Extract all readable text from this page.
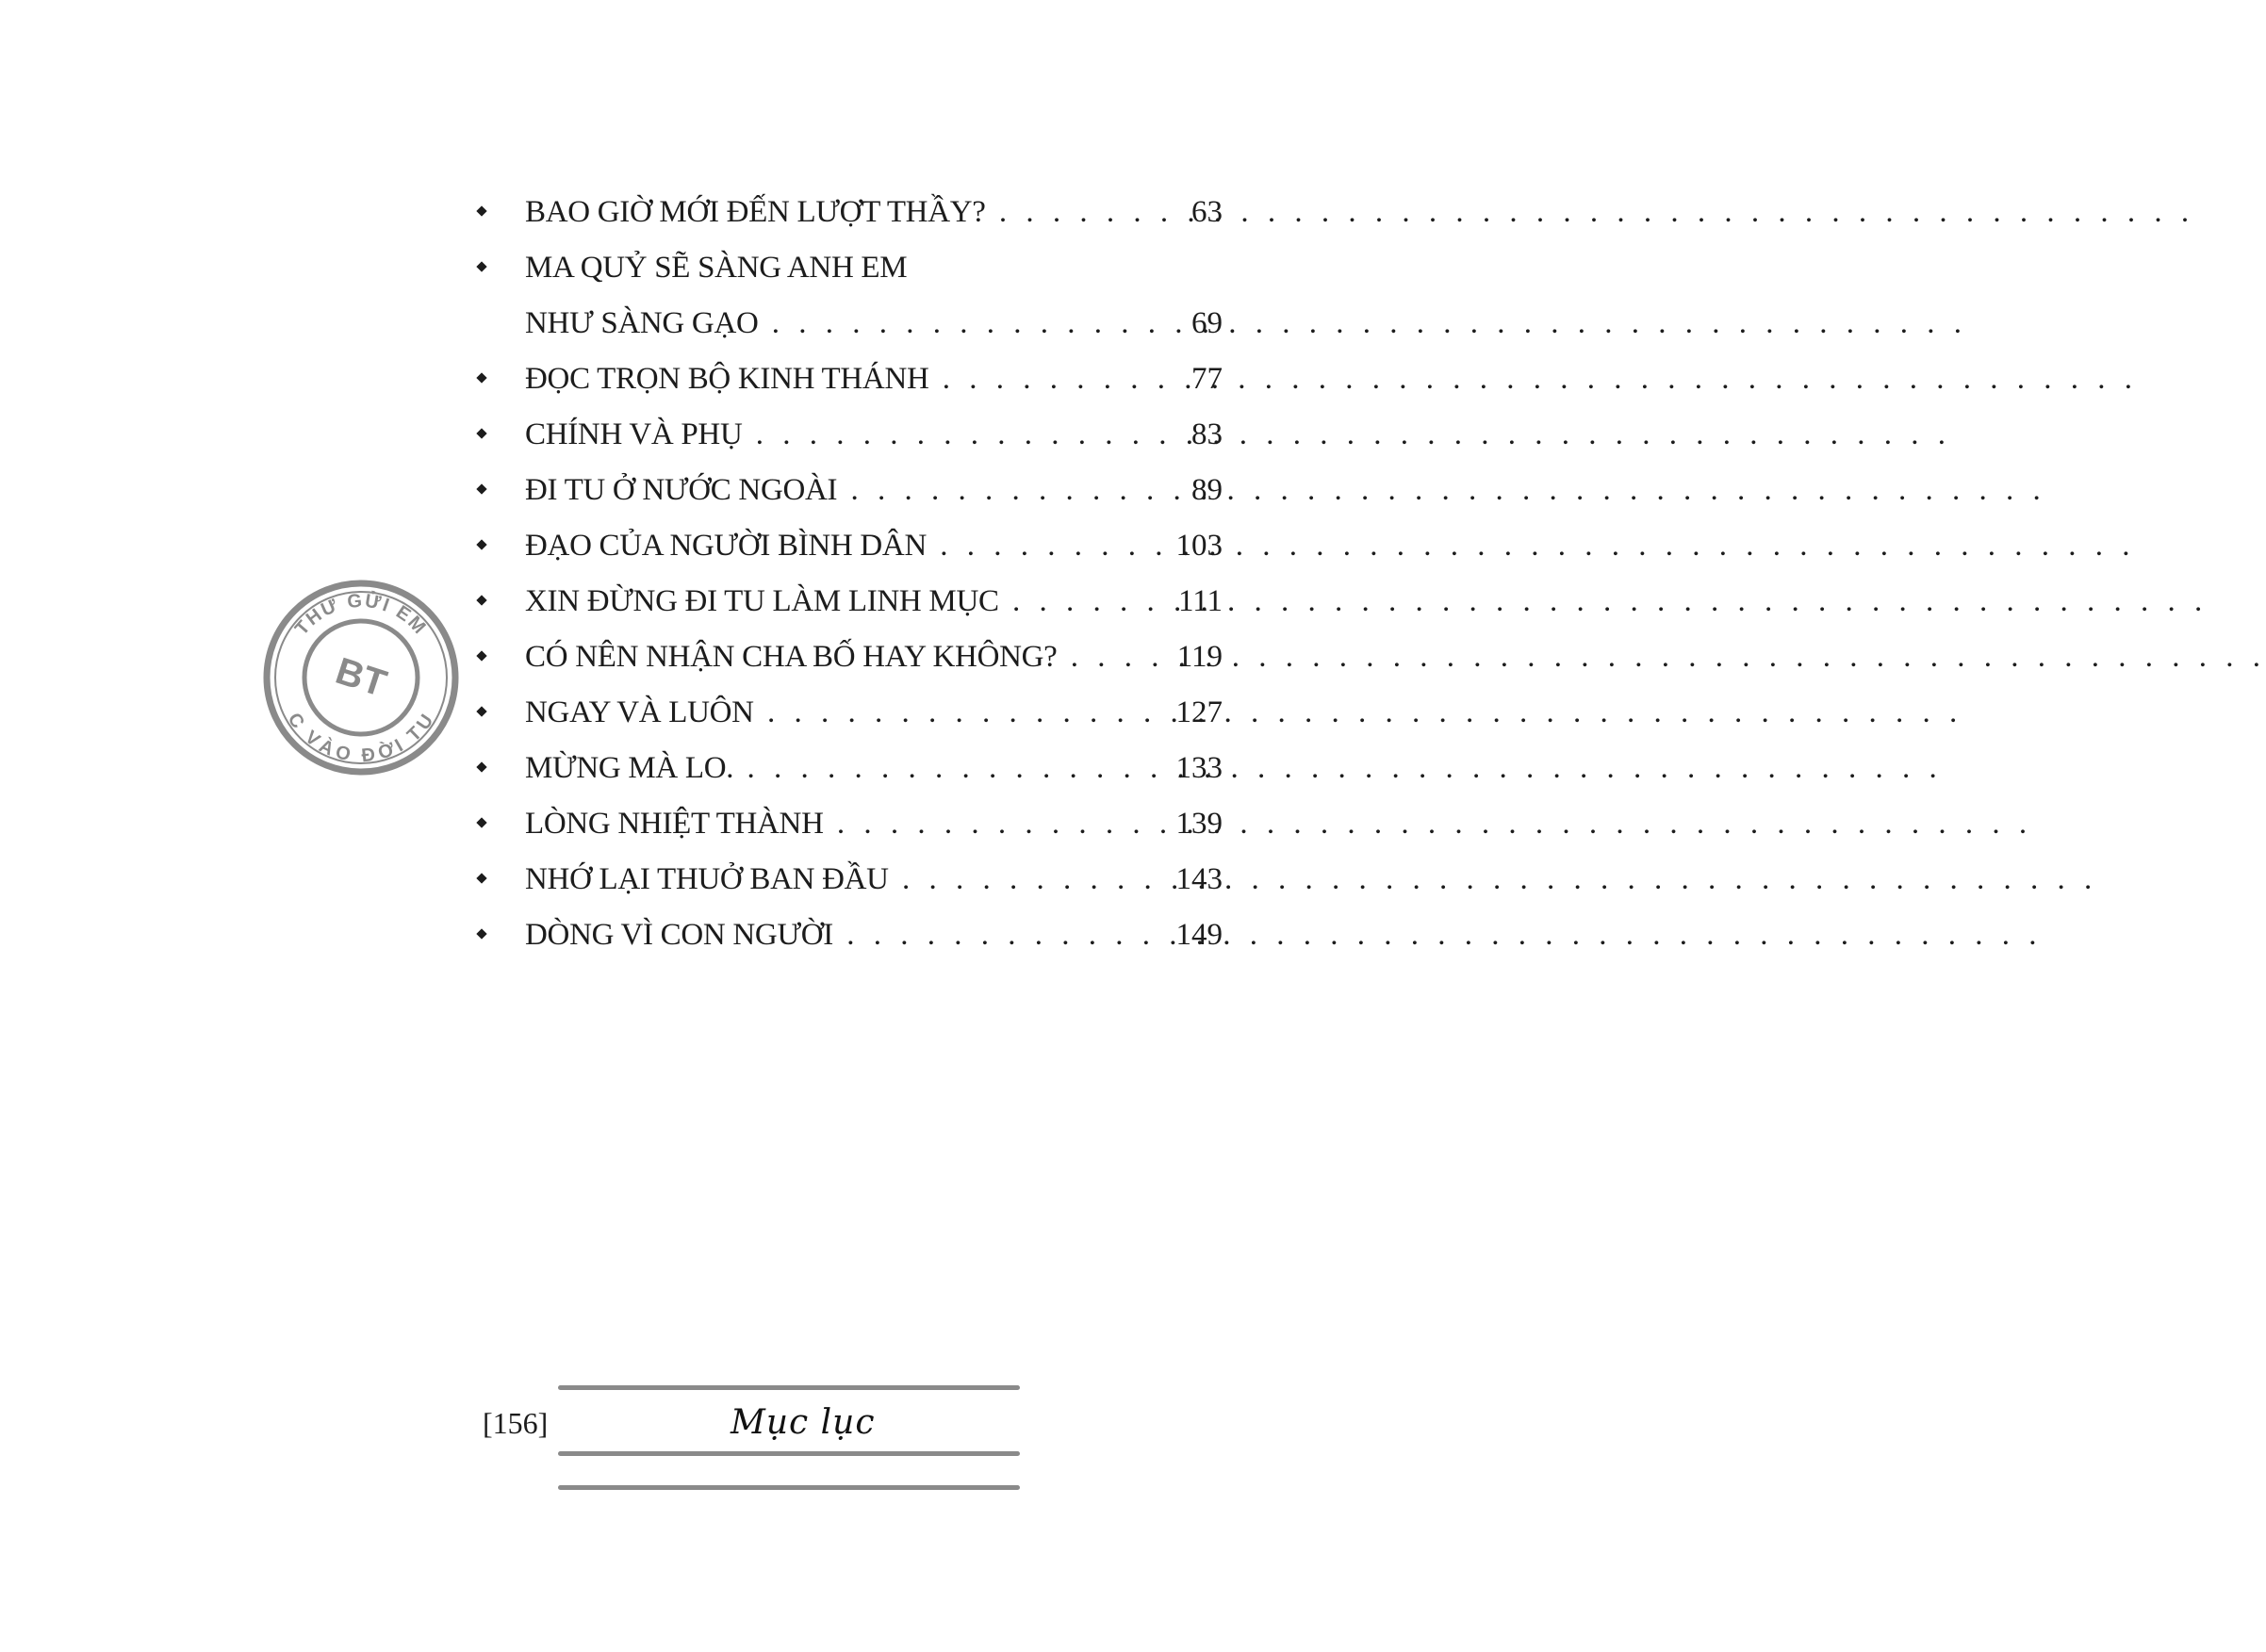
BAO GIỜ MỚI ĐẾN LƯỢT THẦY? . . .	63
MA QUỶ SẼ SÀNG ANH EM
NHƯ SÀNG GẠO . . .	69
ĐỌC TRỌN BỘ KINH THÁNH . . .	77
CHÍNH VÀ PHỤ . . .	83
ĐI TU Ở NƯỚC NGOÀI . . .	89
ĐẠO CỦA NGƯỜI BÌNH DÂN . . .	103
XIN ĐỪNG ĐI TU LÀM LINH MỤC . . .	111
CÓ NÊN NHẬN CHA BỐ HAY KHÔNG? . . .	119
NGAY VÀ LUÔN . . .	127
MỪNG MÀ LO. . . .	133
LÒNG NHIỆT THÀNH . . .	139
NHỚ LẠI THUỞ BAN ĐẦU . . .	143
DÒNG VÌ CON NGƯỜI . . .	149
THƯ GỬI EM
C VÀO ĐỜI TU
BT
[156]	Mục lục
